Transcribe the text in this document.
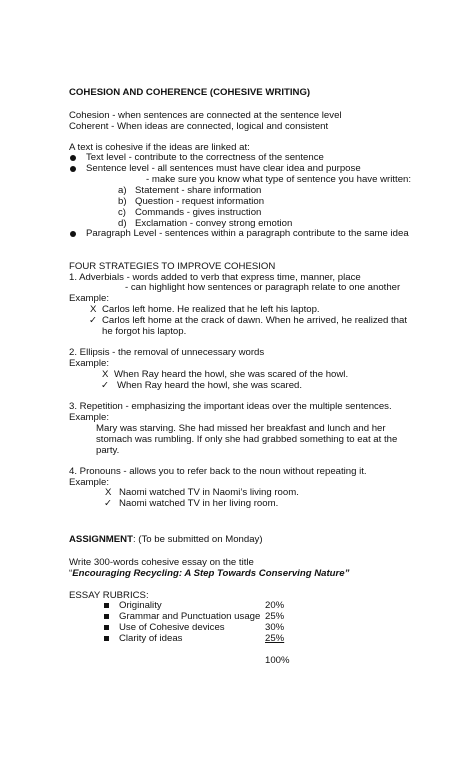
COHESION AND COHERENCE (COHESIVE WRITING)
Cohesion - when sentences are connected at the sentence level
Coherent - When ideas are connected, logical and consistent
A text is cohesive if the ideas are linked at:
Text level - contribute to the correctness of the sentence
Sentence level - all sentences must have clear idea and purpose
- make sure you know what type of sentence you have written:
a) Statement - share information
b) Question - request information
c) Commands - gives instruction
d) Exclamation - convey strong emotion
Paragraph Level - sentences within a paragraph contribute to the same idea
FOUR STRATEGIES TO IMPROVE COHESION
1. Adverbials - words added to verb that express time, manner, place
- can highlight how sentences or paragraph relate to one another
Example:
X Carlos left home. He realized that he left his laptop.
✓ Carlos left home at the crack of dawn. When he arrived, he realized that
he forgot his laptop.
2. Ellipsis - the removal of unnecessary words
Example:
X When Ray heard the howl, she was scared of the howl.
✓ When Ray heard the howl, she was scared.
3. Repetition - emphasizing the important ideas over the multiple sentences.
Example:
Mary was starving. She had missed her breakfast and lunch and her
stomach was rumbling. If only she had grabbed something to eat at the
party.
4. Pronouns - allows you to refer back to the noun without repeating it.
Example:
X Naomi watched TV in Naomi’s living room.
✓ Naomi watched TV in her living room.
ASSIGNMENT: (To be submitted on Monday)
Write 300-words cohesive essay on the title
“Encouraging Recycling: A Step Towards Conserving Nature”
ESSAY RUBRICS:
Originality	20%
Grammar and Punctuation usage 25%
Use of Cohesive devices	30%
Clarity of ideas	25%
100%
